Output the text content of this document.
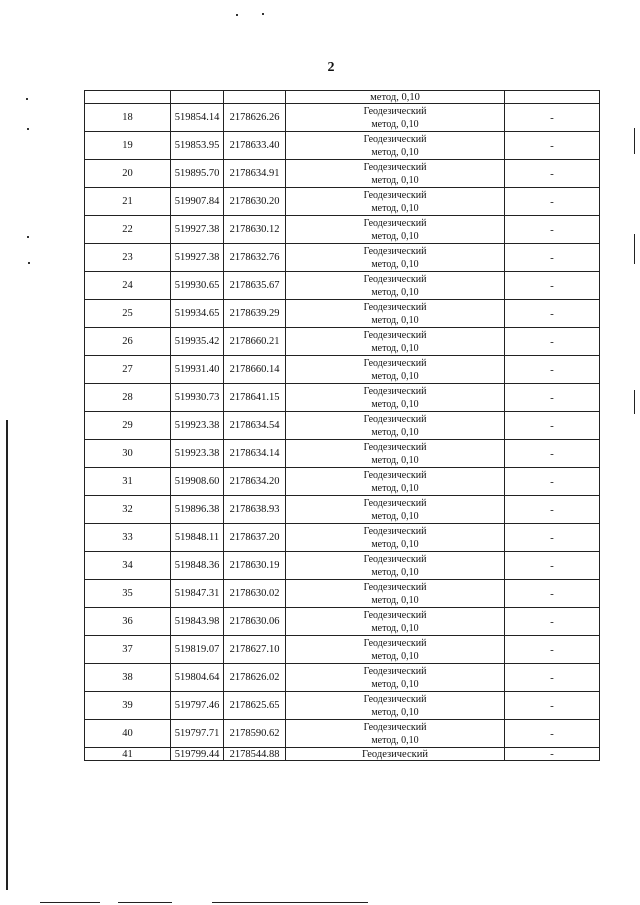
2
			метод, 0,10	
18	519854.14	2178626.26	Геодезический
метод, 0,10	-
19	519853.95	2178633.40	Геодезический
метод, 0,10	-
20	519895.70	2178634.91	Геодезический
метод, 0,10	-
21	519907.84	2178630.20	Геодезический
метод, 0,10	-
22	519927.38	2178630.12	Геодезический
метод, 0,10	-
23	519927.38	2178632.76	Геодезический
метод, 0,10	-
24	519930.65	2178635.67	Геодезический
метод, 0,10	-
25	519934.65	2178639.29	Геодезический
метод, 0,10	-
26	519935.42	2178660.21	Геодезический
метод, 0,10	-
27	519931.40	2178660.14	Геодезический
метод, 0,10	-
28	519930.73	2178641.15	Геодезический
метод, 0,10	-
29	519923.38	2178634.54	Геодезический
метод, 0,10	-
30	519923.38	2178634.14	Геодезический
метод, 0,10	-
31	519908.60	2178634.20	Геодезический
метод, 0,10	-
32	519896.38	2178638.93	Геодезический
метод, 0,10	-
33	519848.11	2178637.20	Геодезический
метод, 0,10	-
34	519848.36	2178630.19	Геодезический
метод, 0,10	-
35	519847.31	2178630.02	Геодезический
метод, 0,10	-
36	519843.98	2178630.06	Геодезический
метод, 0,10	-
37	519819.07	2178627.10	Геодезический
метод, 0,10	-
38	519804.64	2178626.02	Геодезический
метод, 0,10	-
39	519797.46	2178625.65	Геодезический
метод, 0,10	-
40	519797.71	2178590.62	Геодезический
метод, 0,10	-
41	519799.44	2178544.88	Геодезический	-
